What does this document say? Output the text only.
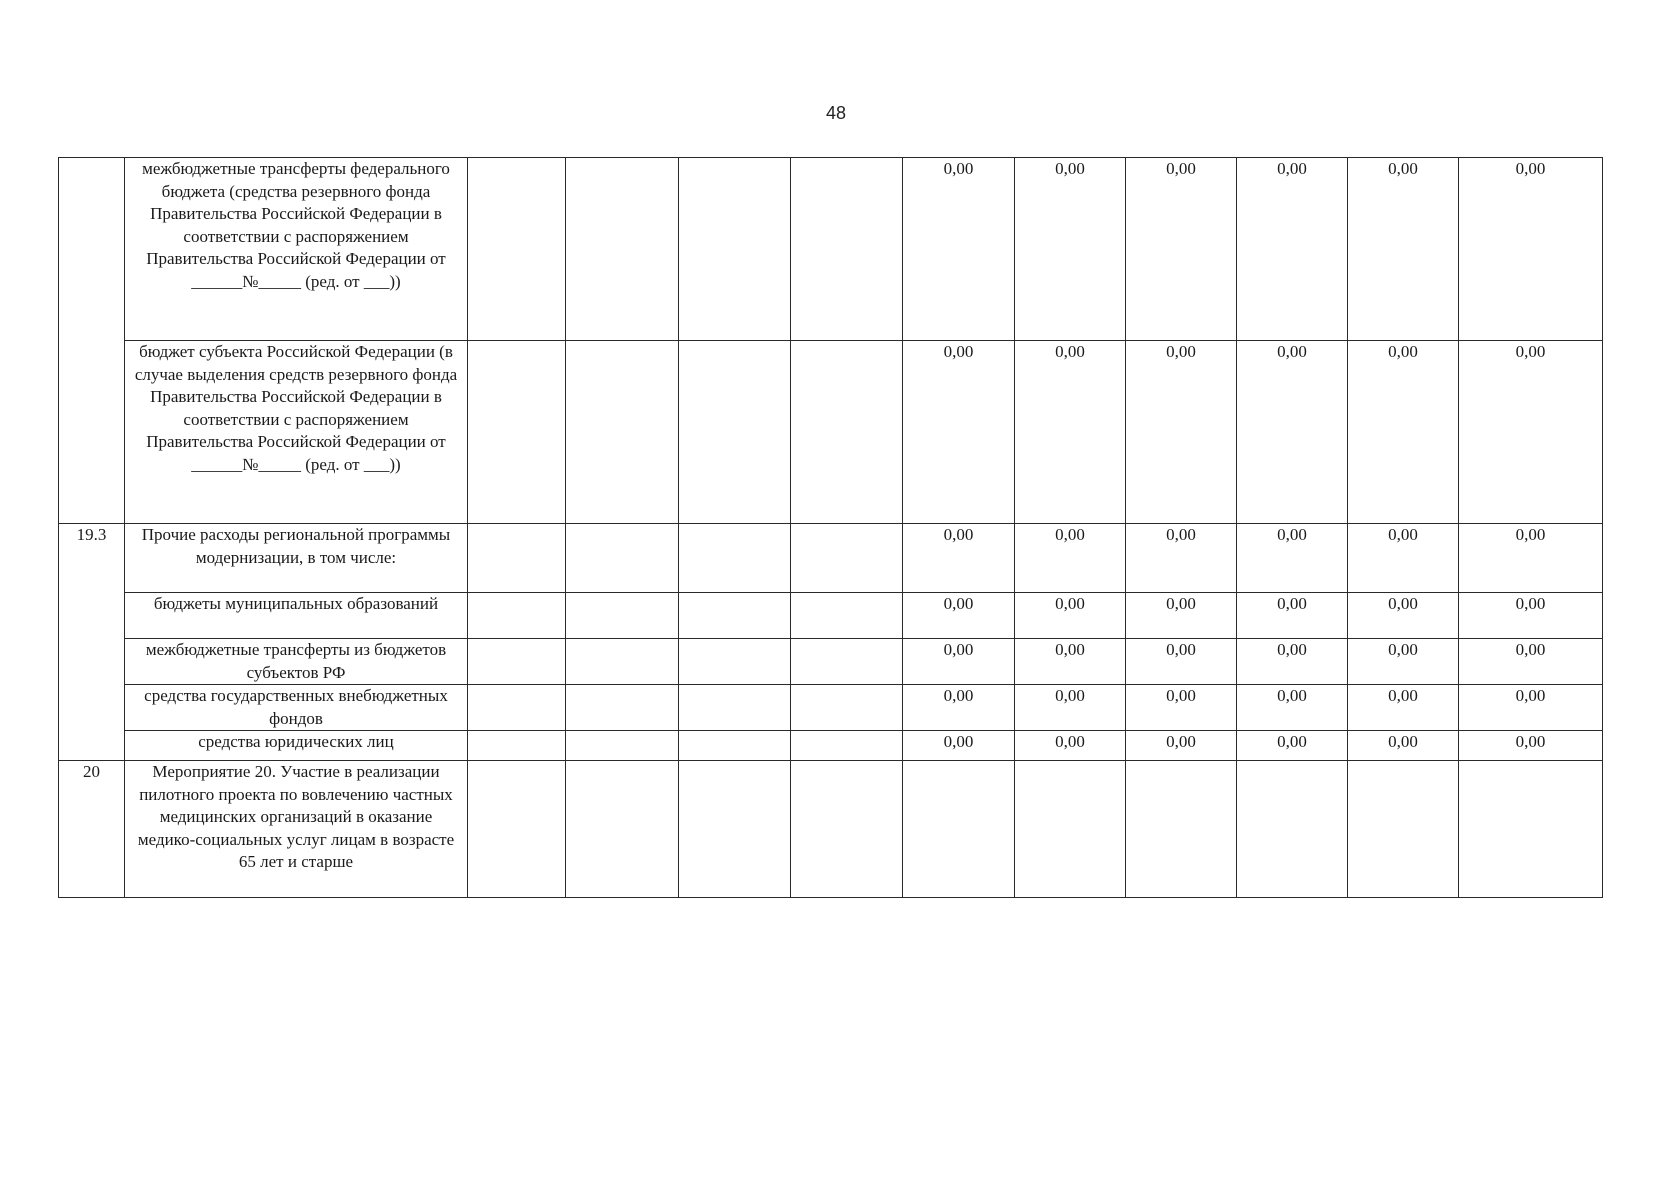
48
	межбюджетные трансферты федерального бюджета (средства резервного фонда Правительства Российской Федерации в соответствии с распоряжением Правительства Российской Федерации от ______№_____ (ред. от ___))					0,00	0,00	0,00	0,00	0,00	0,00
	бюджет субъекта Российской Федерации (в случае выделения средств резервного фонда Правительства Российской Федерации в соответствии с распоряжением Правительства Российской Федерации от ______№_____ (ред. от ___))					0,00	0,00	0,00	0,00	0,00	0,00
19.3	Прочие расходы региональной программы модернизации, в том числе:					0,00	0,00	0,00	0,00	0,00	0,00
	бюджеты муниципальных образований					0,00	0,00	0,00	0,00	0,00	0,00
	межбюджетные трансферты из бюджетов субъектов РФ					0,00	0,00	0,00	0,00	0,00	0,00
	средства государственных внебюджетных фондов					0,00	0,00	0,00	0,00	0,00	0,00
	средства юридических лиц					0,00	0,00	0,00	0,00	0,00	0,00
20	Мероприятие 20. Участие в реализации пилотного проекта по вовлечению частных медицинских организаций в оказание медико-социальных услуг лицам в возрасте 65 лет и старше										
